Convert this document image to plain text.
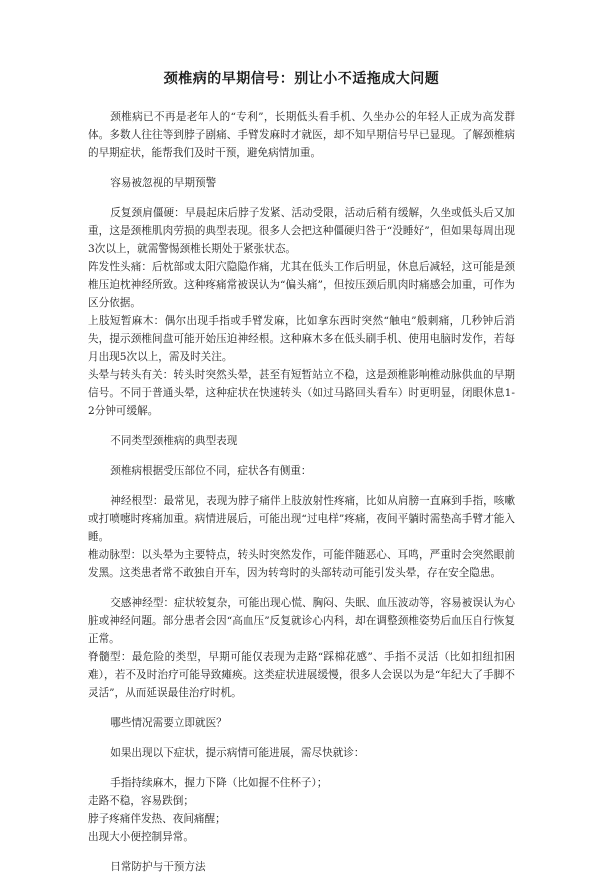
颈椎病的早期信号：别让小不适拖成大问题

颈椎病已不再是老年人的“专利”，长期低头看手机、久坐办公的年轻人正成为高发群体。多数人往往等到脖子剧痛、手臂发麻时才就医，却不知早期信号早已显现。了解颈椎病的早期症状，能帮我们及时干预，避免病情加重。

容易被忽视的早期预警

反复颈肩僵硬：早晨起床后脖子发紧、活动受限，活动后稍有缓解，久坐或低头后又加重，这是颈椎肌肉劳损的典型表现。很多人会把这种僵硬归咎于“没睡好”，但如果每周出现3次以上，就需警惕颈椎长期处于紧张状态。

阵发性头痛：后枕部或太阳穴隐隐作痛，尤其在低头工作后明显，休息后减轻，这可能是颈椎压迫枕神经所致。这种疼痛常被误认为“偏头痛”，但按压颈后肌肉时痛感会加重，可作为区分依据。

上肢短暂麻木：偶尔出现手指或手臂发麻，比如拿东西时突然“触电”般刺痛，几秒钟后消失，提示颈椎间盘可能开始压迫神经根。这种麻木多在低头刷手机、使用电脑时发作，若每月出现5次以上，需及时关注。

头晕与转头有关：转头时突然头晕，甚至有短暂站立不稳，这是颈椎影响椎动脉供血的早期信号。不同于普通头晕，这种症状在快速转头（如过马路回头看车）时更明显，闭眼休息1-2分钟可缓解。

不同类型颈椎病的典型表现

颈椎病根据受压部位不同，症状各有侧重：

神经根型：最常见，表现为脖子痛伴上肢放射性疼痛，比如从肩膀一直麻到手指，咳嗽或打喷嚏时疼痛加重。病情进展后，可能出现“过电样”疼痛，夜间平躺时需垫高手臂才能入睡。

椎动脉型：以头晕为主要特点，转头时突然发作，可能伴随恶心、耳鸣，严重时会突然眼前发黑。这类患者常不敢独自开车，因为转弯时的头部转动可能引发头晕，存在安全隐患。

交感神经型：症状较复杂，可能出现心慌、胸闷、失眠、血压波动等，容易被误认为心脏或神经问题。部分患者会因“高血压”反复就诊心内科，却在调整颈椎姿势后血压自行恢复正常。

脊髓型：最危险的类型，早期可能仅表现为走路“踩棉花感”、手指不灵活（比如扣纽扣困难），若不及时治疗可能导致瘫痪。这类症状进展缓慢，很多人会误以为是“年纪大了手脚不灵活”，从而延误最佳治疗时机。

哪些情况需要立即就医？

如果出现以下症状，提示病情可能进展，需尽快就诊：

手指持续麻木，握力下降（比如握不住杯子）；

走路不稳，容易跌倒；

脖子疼痛伴发热、夜间痛醒；

出现大小便控制异常。

日常防护与干预方法
